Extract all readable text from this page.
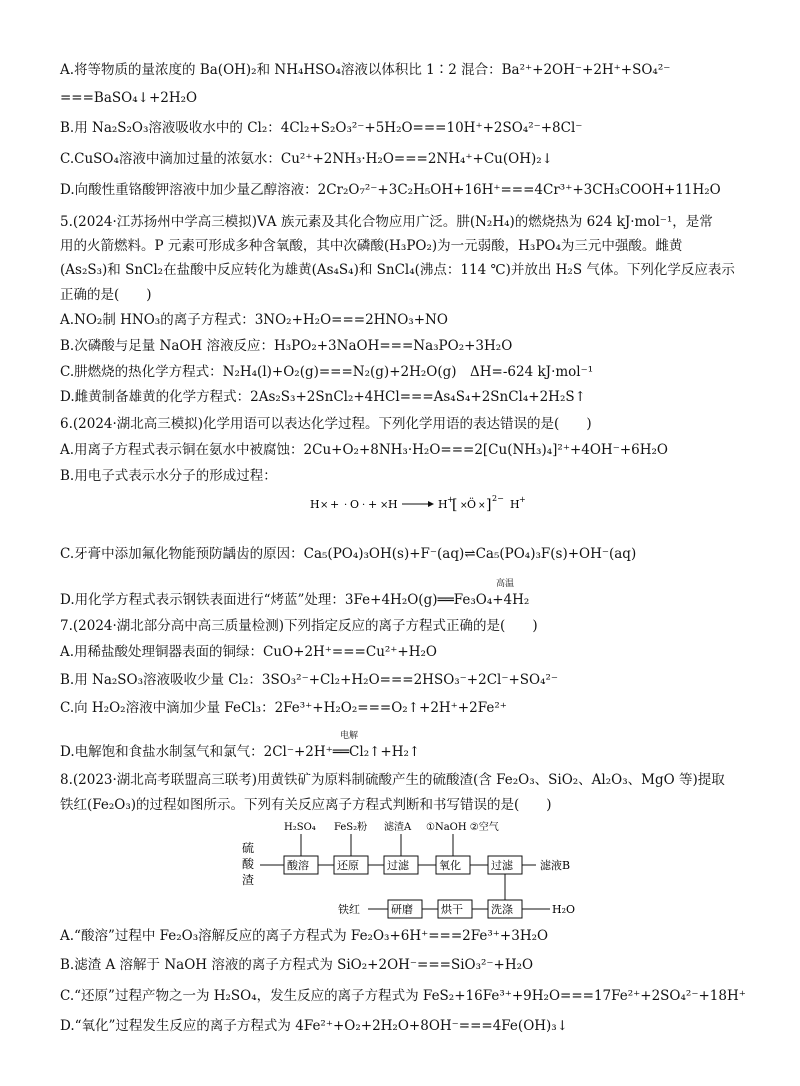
A.将等物质的量浓度的 Ba(OH)₂和 NH₄HSO₄溶液以体积比 1∶2 混合：Ba²⁺+2OH⁻+2H⁺+SO₄²⁻
===BaSO₄↓+2H₂O
B.用 Na₂S₂O₃溶液吸收水中的 Cl₂：4Cl₂+S₂O₃²⁻+5H₂O===10H⁺+2SO₄²⁻+8Cl⁻
C.CuSO₄溶液中滴加过量的浓氨水：Cu²⁺+2NH₃·H₂O===2NH₄⁺+Cu(OH)₂↓
D.向酸性重铬酸钾溶液中加少量乙醇溶液：2Cr₂O₇²⁻+3C₂H₅OH+16H⁺===4Cr³⁺+3CH₃COOH+11H₂O
5.(2024·江苏扬州中学高三模拟)ⅤA 族元素及其化合物应用广泛。肼(N₂H₄)的燃烧热为 624 kJ·mol⁻¹，是常
用的火箭燃料。P 元素可形成多种含氧酸，其中次磷酸(H₃PO₂)为一元弱酸，H₃PO₄为三元中强酸。雌黄
(As₂S₃)和 SnCl₂在盐酸中反应转化为雄黄(As₄S₄)和 SnCl₄(沸点：114 ℃)并放出 H₂S 气体。下列化学反应表示
正确的是(　　)
A.NO₂制 HNO₃的离子方程式：3NO₂+H₂O===2HNO₃+NO
B.次磷酸与足量 NaOH 溶液反应：H₃PO₂+3NaOH===Na₃PO₂+3H₂O
C.肼燃烧的热化学方程式：N₂H₄(l)+O₂(g)===N₂(g)+2H₂O(g)　ΔH=-624 kJ·mol⁻¹
D.雌黄制备雄黄的化学方程式：2As₂S₃+2SnCl₂+4HCl===As₄S₄+2SnCl₄+2H₂S↑
6.(2024·湖北高三模拟)化学用语可以表达化学过程。下列化学用语的表达错误的是(　　)
A.用离子方程式表示铜在氨水中被腐蚀：2Cu+O₂+8NH₃·H₂O===2[Cu(NH₃)₄]²⁺+4OH⁻+6H₂O
B.用电子式表示水分子的形成过程：
H × + · O · + × H	H +
[ × Ö × ] 2− H +
C.牙膏中添加氟化物能预防龋齿的原因：Ca₅(PO₄)₃OH(s)+F⁻(aq)⇌Ca₅(PO₄)₃F(s)+OH⁻(aq)
D.用化学方程式表示钢铁表面进行“烤蓝”处理：3Fe+4H₂O(g)══Fe₃O₄+4H₂
高温
7.(2024·湖北部分高中高三质量检测)下列指定反应的离子方程式正确的是(　　)
A.用稀盐酸处理铜器表面的铜绿：CuO+2H⁺===Cu²⁺+H₂O
B.用 Na₂SO₃溶液吸收少量 Cl₂：3SO₃²⁻+Cl₂+H₂O===2HSO₃⁻+2Cl⁻+SO₄²⁻
C.向 H₂O₂溶液中滴加少量 FeCl₃：2Fe³⁺+H₂O₂===O₂↑+2H⁺+2Fe²⁺
D.电解饱和食盐水制氢气和氯气：2Cl⁻+2H⁺══Cl₂↑+H₂↑
电解
8.(2023·湖北高考联盟高三联考)用黄铁矿为原料制硫酸产生的硫酸渣(含 Fe₂O₃、SiO₂、Al₂O₃、MgO 等)提取
铁红(Fe₂O₃)的过程如图所示。下列有关反应离子方程式判断和书写错误的是(　　)
硫
酸
渣
H₂SO₄ FeS₂粉 滤渣A ①NaOH ②空气
酸溶	还原	过滤	氧化	过滤
研磨	烘干	洗涤
滤液B
H₂O
铁红
A.“酸溶”过程中 Fe₂O₃溶解反应的离子方程式为 Fe₂O₃+6H⁺===2Fe³⁺+3H₂O
B.滤渣 A 溶解于 NaOH 溶液的离子方程式为 SiO₂+2OH⁻===SiO₃²⁻+H₂O
C.“还原”过程产物之一为 H₂SO₄，发生反应的离子方程式为 FeS₂+16Fe³⁺+9H₂O===17Fe²⁺+2SO₄²⁻+18H⁺
D.“氧化”过程发生反应的离子方程式为 4Fe²⁺+O₂+2H₂O+8OH⁻===4Fe(OH)₃↓
